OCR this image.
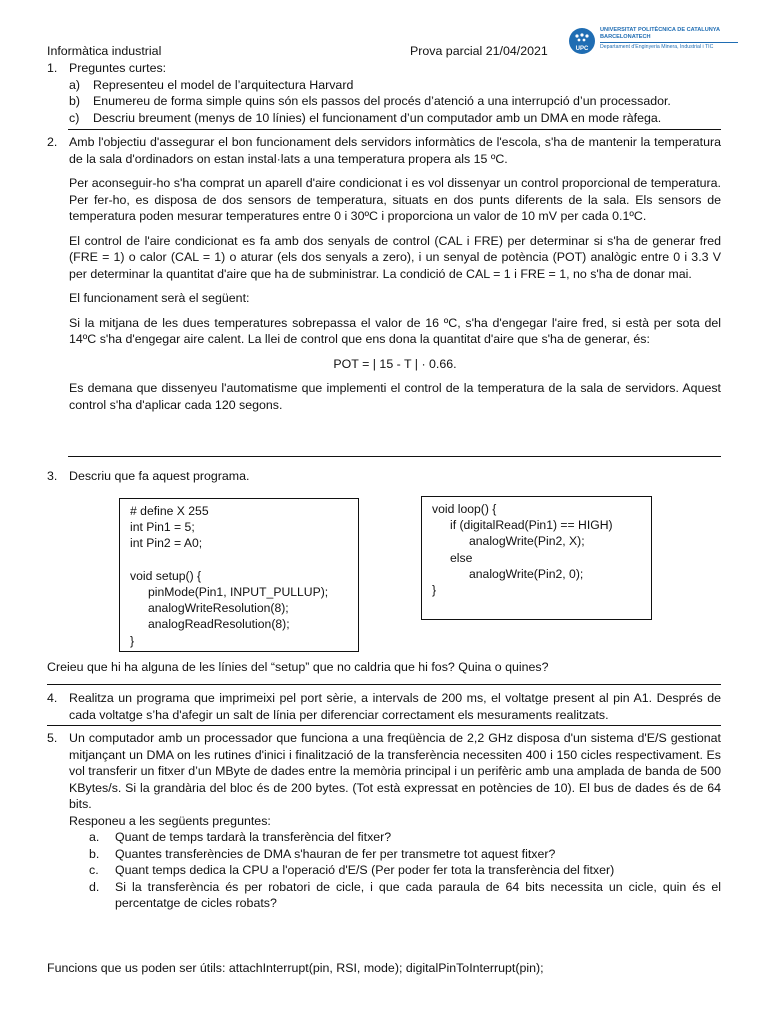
UPC
UNIVERSITAT POLITÈCNICA DE CATALUNYA
BARCELONATECH
Departament d'Enginyeria Minera, Industrial i TIC
Informàtica industrial	Prova parcial 21/04/2021
1. Preguntes curtes:
a) Representeu el model de l’arquitectura Harvard
b) Enumereu de forma simple quins són els passos del procés d’atenció a una interrupció d’un processador.
c) Descriu breument (menys de 10 línies) el funcionament d’un computador amb un DMA en mode ràfega.
2. Amb l'objectiu d'assegurar el bon funcionament dels servidors informàtics de l'escola, s'ha de mantenir la temperatura de la sala d'ordinadors on estan instal·lats a una temperatura propera als 15 ºC.

Per aconseguir-ho s'ha comprat un aparell d'aire condicionat i es vol dissenyar un control proporcional de temperatura. Per fer-ho, es disposa de dos sensors de temperatura, situats en dos punts diferents de la sala. Els sensors de temperatura poden mesurar temperatures entre 0 i 30ºC i proporciona un valor de 10 mV per cada 0.1ºC.

El control de l'aire condicionat es fa amb dos senyals de control (CAL i FRE) per determinar si s'ha de generar fred (FRE = 1) o calor (CAL = 1) o aturar (els dos senyals a zero), i un senyal de potència (POT) analògic entre 0 i 3.3 V per determinar la quantitat d'aire que ha de subministrar. La condició de CAL = 1 i FRE = 1, no s'ha de donar mai.

El funcionament serà el següent:

Si la mitjana de les dues temperatures sobrepassa el valor de 16 ºC, s'ha d'engegar l'aire fred, si està per sota del 14ºC s'ha d'engegar aire calent. La llei de control que ens dona la quantitat d'aire que s'ha de generar, és:

POT = | 15 - T | · 0.66.

Es demana que dissenyeu l'automatisme que implementi el control de la temperatura de la sala de servidors. Aquest control s'ha d'aplicar cada 120 segons.

3. Descriu que fa aquest programa.
# define X 255
int Pin1 = 5;
int Pin2 = A0;

void setup() {
pinMode(Pin1, INPUT_PULLUP);
analogWriteResolution(8);
analogReadResolution(8);
}
void loop() {
if (digitalRead(Pin1) == HIGH)
analogWrite(Pin2, X);
else
analogWrite(Pin2, 0);
}
Creieu que hi ha alguna de les línies del “setup” que no caldria que hi fos? Quina o quines?
4. Realitza un programa que imprimeixi pel port sèrie, a intervals de 200 ms, el voltatge present al pin A1. Després de cada voltatge s’ha d'afegir un salt de línia per diferenciar correctament els mesuraments realitzats.
5. Un computador amb un processador que funciona a una freqüència de 2,2 GHz disposa d'un sistema d'E/S gestionat mitjançant un DMA on les rutines d'inici i finalització de la transferència necessiten 400 i 150 cicles respectivament. Es vol transferir un fitxer d’un MByte de dades entre la memòria principal i un perifèric amb una amplada de banda de 500 KBytes/s. Si la grandària del bloc és de 200 bytes. (Tot està expressat en potències de 10). El bus de dades és de 64 bits.
Responeu a les següents preguntes:
a. Quant de temps tardarà la transferència del fitxer?
b. Quantes transferències de DMA s'hauran de fer per transmetre tot aquest fitxer?
c. Quant temps dedica la CPU a l'operació d'E/S (Per poder fer tota la transferència del fitxer)
d. Si la transferència és per robatori de cicle, i que cada paraula de 64 bits necessita un cicle, quin és el percentatge de cicles robats?
Funcions que us poden ser útils: attachInterrupt(pin, RSI, mode); digitalPinToInterrupt(pin);
